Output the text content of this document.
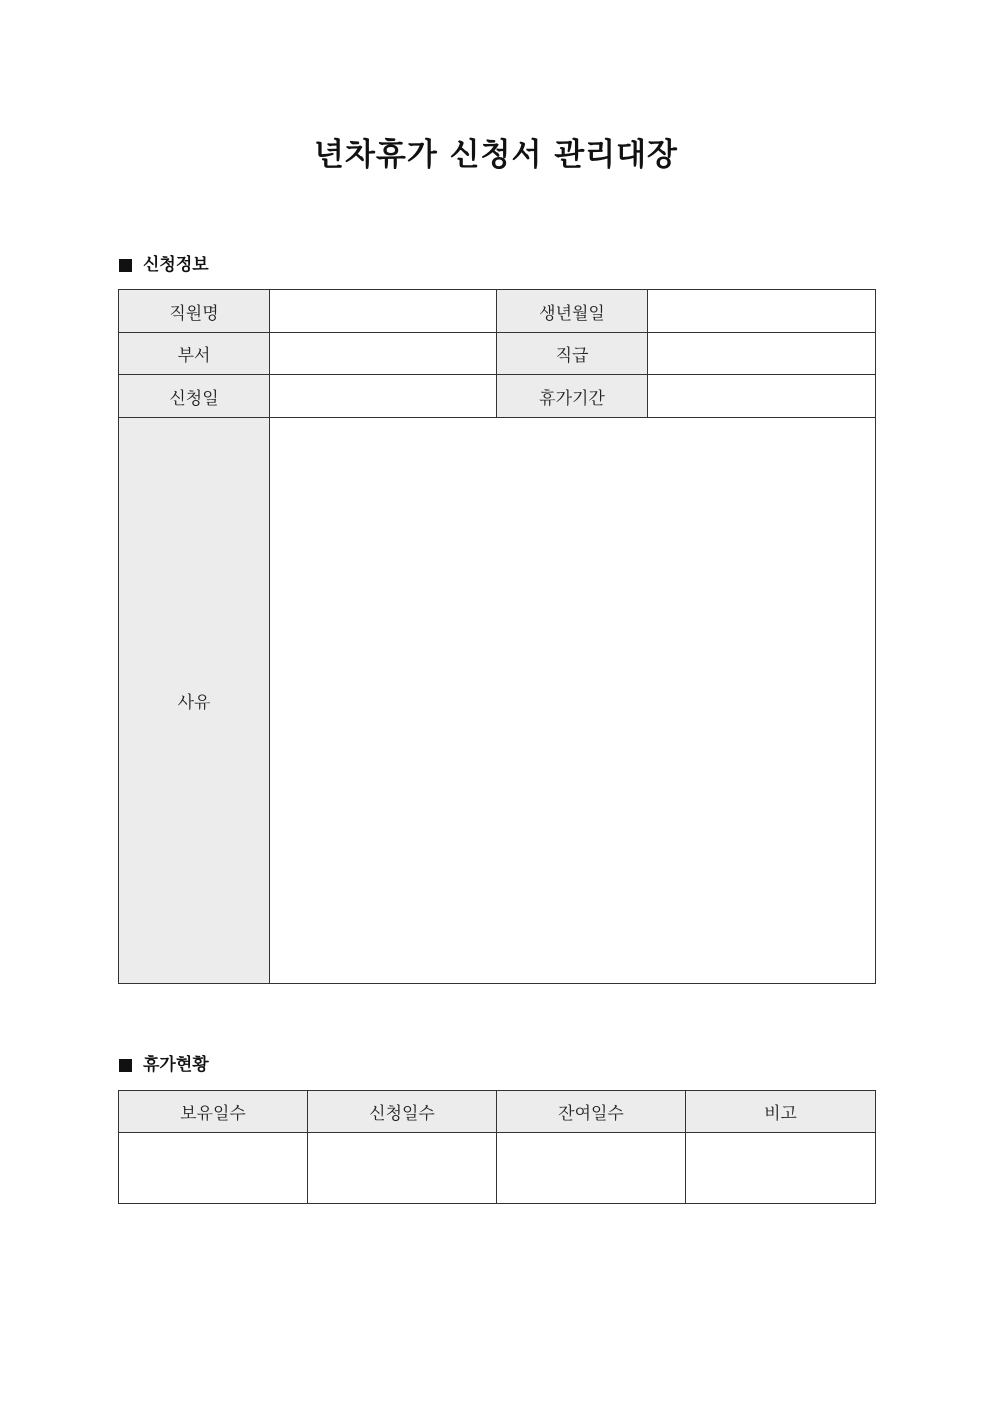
년차휴가 신청서 관리대장
신청정보
직원명		생년월일	
부서		직급	
신청일		휴가기간	
사유			
휴가현황
보유일수	신청일수	잔여일수	비고
